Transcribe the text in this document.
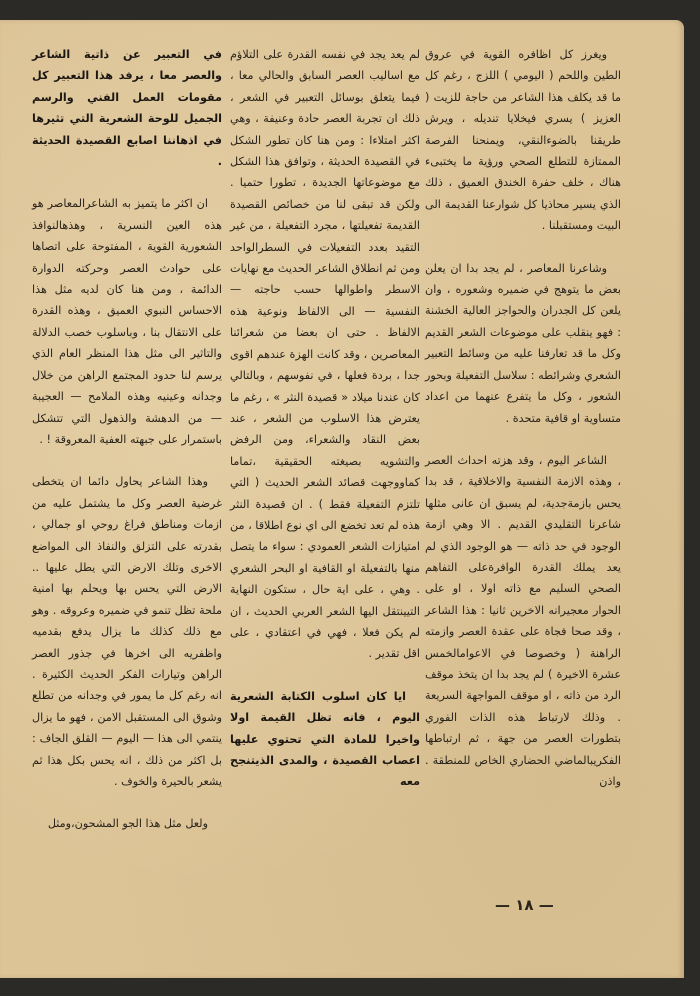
ويغرز كل اظافره القوية في عروق الطين واللحم ( اليومي ) اللزج ، رغم كل ما قد يكلف هذا الشاعر من حاجة للزيت ( العزيز ) يسري فيخلايا تنديله ، ويرش طريقنا بالضوءالنقي، ويمنحنا الفرصة الممتازة للتطلع الصحي ورؤية ما يختبىء هناك ، خلف حفرة الخندق العميق ، ذلك الذي يسير محاذيا كل شوارعنا القديمة الى البيت ومستقبلنا .

وشاعرنا المعاصر ، لم يجد بدا ان يعلن بعض ما يتوهج في ضميره وشعوره ، وان يلعن كل الجدران والحواجز العالية الخشنة : فهو ينقلب على موضوعات الشعر القديم وكل ما قد تعارفنا عليه من وسائط التعبير الشعري وشرائطه : سلاسل التفعيلة وبحور الشعور ، وكل ما يتفرع عنهما من اعداد متساوية او قافية متحدة .

الشاعر اليوم ، وقد هزته احداث العصر ، وهذه الازمة النفسية والاخلاقية ، قد بدا يحس بازمةجدية، لم يسبق ان عانى مثلها شاعرنا التقليدي القديم . الا وهي ازمة الوجود في حد ذاته — هو الوجود الذي لم يعد يملك القدرة الوافرةعلى التفاهم الصحي السليم مع ذاته اولا ، او على الحوار معجيرانه الاخرين ثانيا : هذا الشاعر ، وقد صحا فجاة على عقدة العصر وازمته الراهنة ( وخصوصا في الاعوامالخمس عشرة الاخيرة ) لم يجد بدا ان يتخذ موقف الرد من ذاته ، او موقف المواجهة السريعة . وذلك لارتباط هذه الذات الفوري بتطورات العصر من جهة ، ثم ارتباطها الفكريبالماضي الحضاري الخاص للمنطقة . واذن

لم يعد يجد في نفسه القدرة على التلاؤم مع اساليب العصر السابق والحالي معا ، فيما يتعلق بوسائل التعبير في الشعر ، ذلك ان تجربة العصر حادة وعنيفة ، وهي اكثر امتلاءا : ومن هنا كان تطور الشكل في القصيدة الحديثة ، وتوافق هذا الشكل مع موضوعاتها الجديدة ، تطورا حتميا . ولكن قد تبقى لنا من خصائص القصيدة القديمة تفعيلتها ، مجرد التفعيلة ، من غير التقيد بعدد التفعيلات في السطرالواحد ومن ثم انطلاق الشاعر الحديث مع نهايات الاسطر واطوالها حسب حاجته — النفسية — الى الالفاظ ونوعية هذه الالفاظ . حتى ان بعضا من شعرائنا المعاصرين ، وقد كانت الهزة عندهم اقوى جدا ، بردة فعلها ، في نفوسهم ، وبالتالي كان عندنا ميلاد « قصيدة النثر » ، رغم ما يعترض هذا الاسلوب من الشعر ، عند بعض النقاد والشعراء، ومن الرفض والتشويه بصيغته الحقيقية ،تماما كماووجهت قصائد الشعر الحديث ( التي تلتزم التفعيلة فقط ) . ان قصيدة النثر هذه لم تعد تخضع الى اي نوع اطلاقا ، من امتيازات الشعر العمودي : سواء ما يتصل منها بالتفعيلة او القافية او البحر الشعري . وهي ، على اية حال ، ستكون النهاية التيينتقل اليها الشعر العربي الحديث ، ان لم يكن فعلا ، فهي في اعتقادي ، على اقل تقدير .

ايا كان اسلوب الكتابة الشعرية اليوم ، فانه تظل القيمة اولا واخيرا للمادة التي تحتوي عليها اعصاب القصيدة ، والمدى الذيتنجح معه

في التعبير عن ذاتية الشاعر والعصر معا ، يرفد هذا التعبير كل مقومات العمل الفني والرسم الجميل للوحة الشعرية التي تثيرها في اذهاننا اصابع القصيدة الحديثة .

ان اكثر ما يتميز به الشاعرالمعاصر هو هذه العين النسرية ، وهذهالنوافذ الشعورية القوية ، المفتوحة على اتصاها على حوادث العصر وحركته الدوارة الدائمة ، ومن هنا كان لديه مثل هذا الاحساس النبوي العميق ، وهذه القدرة على الانتقال بنا ، وباسلوب خصب الدلالة والتاثير الى مثل هذا المنظر العام الذي يرسم لنا حدود المجتمع الراهن من خلال وجدانه وعينيه وهذه الملامح — العجيبة — من الدهشة والذهول التي تتشكل باستمرار على جبهته العفية المعروقة ! .

وهذا الشاعر يحاول دائما ان يتخطى غرضية العصر وكل ما يشتمل عليه من ازمات ومناطق فراغ روحي او جمالي ، بقدرته على التزلق والنفاذ الى المواضع الاخرى وتلك الارض التي يطل عليها .. الارض التي يحس بها ويحلم بها امنية ملحة تظل تنمو في ضميره وعروقه . وهو مع ذلك كذلك ما يزال يدفع بقدميه واظفريه الى اخرها في جذور العصر الراهن وتيارات الفكر الحديث الكثيرة . انه رغم كل ما يمور في وجدانه من تطلع وشوق الى المستقبل الامن ، فهو ما يزال ينتمي الى هذا — اليوم — القلق الجاف : بل اكثر من ذلك ، انه يحس بكل هذا ثم يشعر بالحيرة والخوف .

ولعل مثل هذا الجو المشحون،ومثل

— ١٨ —
